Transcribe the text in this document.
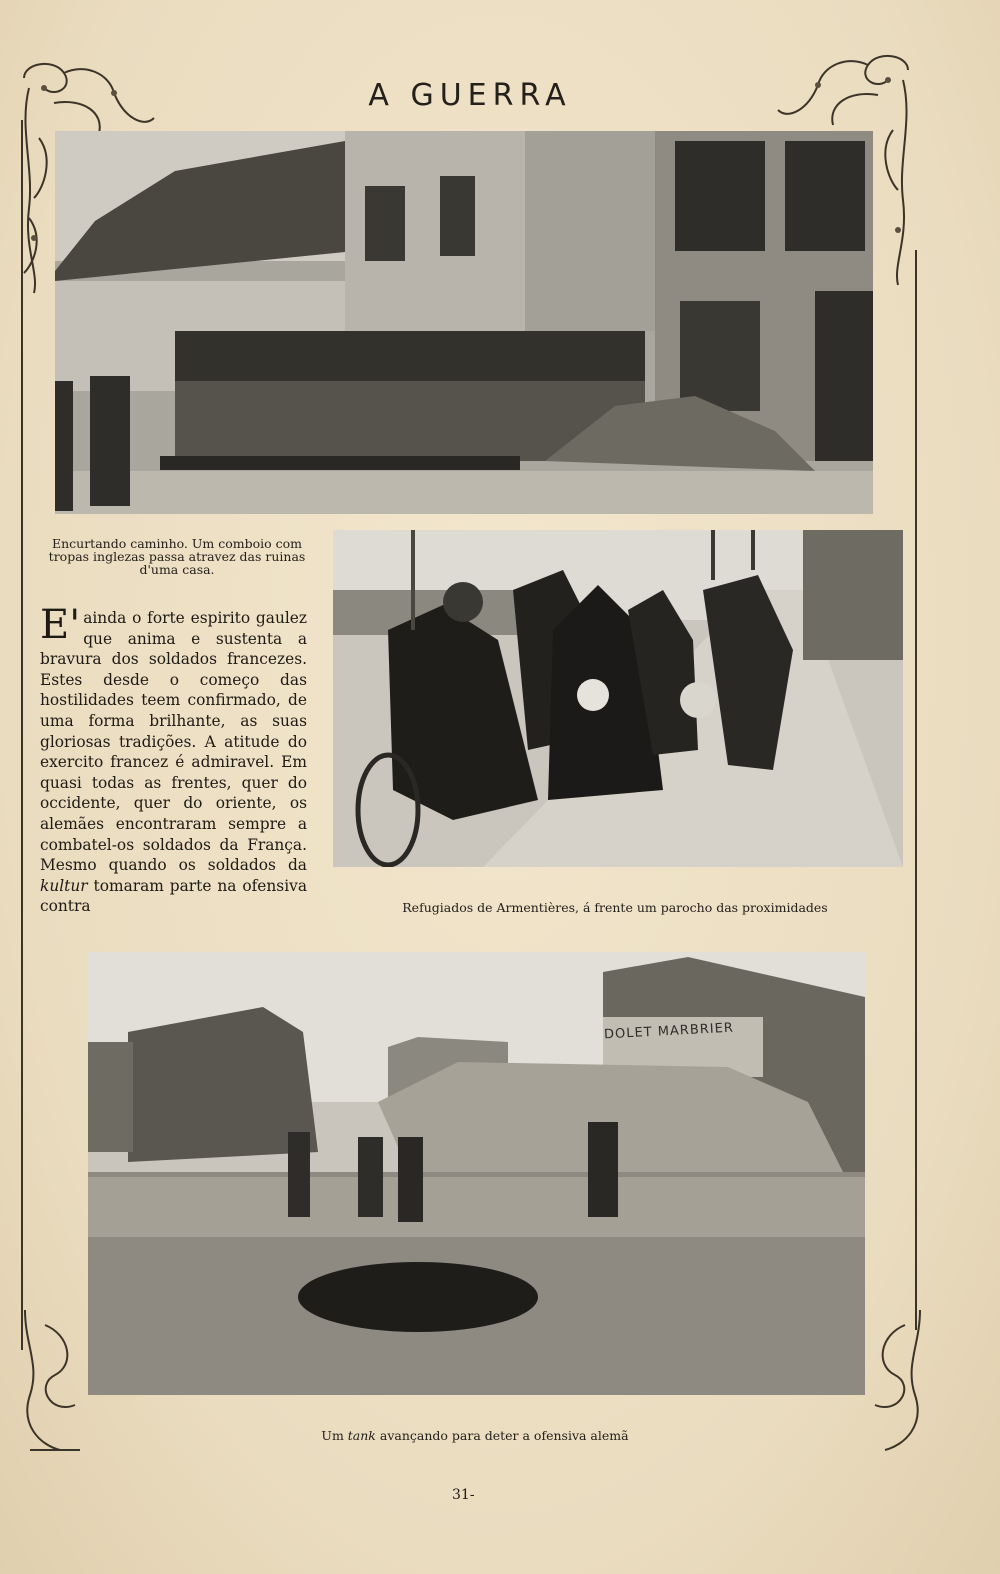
A GUERRA
Encurtando caminho. Um comboio com tropas inglezas passa atravez das ruinas d'uma casa.
Refugiados de Armentières, á frente um parocho das proximidades
E' ainda o forte espirito gaulez que anima e sustenta a bravura dos soldados francezes. Estes desde o começo das hostilidades teem confirmado, de uma forma brilhante, as suas gloriosas tradições. A atitude do exercito francez é admiravel. Em quasi todas as frentes, quer do occidente, quer do oriente, os alemães encontraram sempre a combatel-os soldados da França. Mesmo quando os soldados da kultur tomaram parte na ofensiva contra
DOLET MARBRIER
Um tank avançando para deter a ofensiva alemã
31-
